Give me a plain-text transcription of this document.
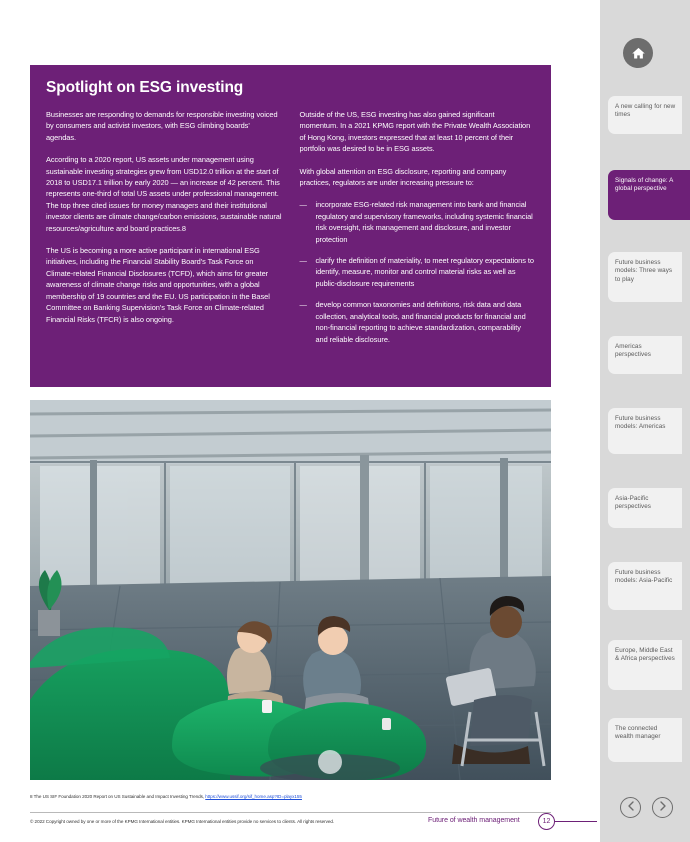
Spotlight on ESG investing

Businesses are responding to demands for responsible investing voiced by consumers and activist investors, with ESG climbing boards' agendas.

According to a 2020 report, US assets under management using sustainable investing strategies grew from USD12.0 trillion at the start of 2018 to USD17.1 trillion by early 2020 — an increase of 42 percent. This represents one-third of total US assets under professional management. The top three cited issues for money managers and their institutional investor clients are climate change/carbon emissions, sustainable natural resources/agriculture and board practices.8

The US is becoming a more active participant in international ESG initiatives, including the Financial Stability Board's Task Force on Climate-related Financial Disclosures (TCFD), which aims for greater awareness of climate change risks and opportunities, with a global membership of 19 countries and the EU. US participation in the Basel Committee on Banking Supervision's Task Force on Climate-related Financial Risks (TFCR) is also ongoing.

Outside of the US, ESG investing has also gained significant momentum. In a 2021 KPMG report with the Private Wealth Association of Hong Kong, investors expressed that at least 10 percent of their portfolio was desired to be in ESG assets.

With global attention on ESG disclosure, reporting and company practices, regulators are under increasing pressure to:

— incorporate ESG-related risk management into bank and financial regulatory and supervisory frameworks, including systemic financial risk oversight, risk management and disclosure, and investor protection
— clarify the definition of materiality, to meet regulatory expectations to identify, measure, monitor and control material risks as well as public-disclosure requirements
— develop common taxonomies and definitions, risk data and data collection, analytical tools, and financial products for financial and non-financial reporting to achieve standardization, comparability and reliable disclosure.
8 The US SIF Foundation 2020 Report on US Sustainable and Impact Investing Trends, https://www.ussif.org/sif_home.asp?ID=playx155
© 2022 Copyright owned by one or more of the KPMG International entities. KPMG International entities provide no services to clients. All rights reserved.	Future of wealth management	12
A new calling for new times
Signals of change: A global perspective
Future business models: Three ways to play
Americas perspectives
Future business models: Americas
Asia-Pacific perspectives
Future business models: Asia-Pacific
Europe, Middle East & Africa perspectives
The connected wealth manager
